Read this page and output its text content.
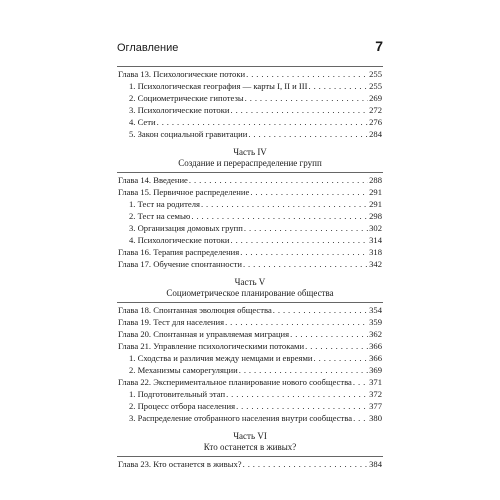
Оглавление	7
Глава 13. Психологические потоки . . .	255
1. Психологическая география — карты I, II и III . . .	255
2. Социометрические гипотезы . . .	269
3. Психологические потоки . . .	272
4. Сети . . .	276
5. Закон социальной гравитации . . .	284
Часть IV
Создание и перераспределение групп
Глава 14. Введение . . .	288
Глава 15. Первичное распределение . . .	291
1. Тест на родителя . . .	291
2. Тест на семью . . .	298
3. Организация домовых групп . . .	302
4. Психологические потоки . . .	314
Глава 16. Терапия распределения . . .	318
Глава 17. Обучение спонтанности . . .	342
Часть V
Социометрическое планирование общества
Глава 18. Спонтанная эволюция общества . . .	354
Глава 19. Тест для населения . . .	359
Глава 20. Спонтанная и управляемая миграция . . .	362
Глава 21. Управление психологическими потоками . . .	366
1. Сходства и различия между немцами и евреями . . .	366
2. Механизмы саморегуляции . . .	369
Глава 22. Экспериментальное планирование нового сообщества . . . 371
1. Подготовительный этап . . .	372
2. Процесс отбора населения . . .	377
3. Распределение отобранного населения внутри сообщества . . . 380
Часть VI
Кто останется в живых?
Глава 23. Кто останется в живых? . . .	384
